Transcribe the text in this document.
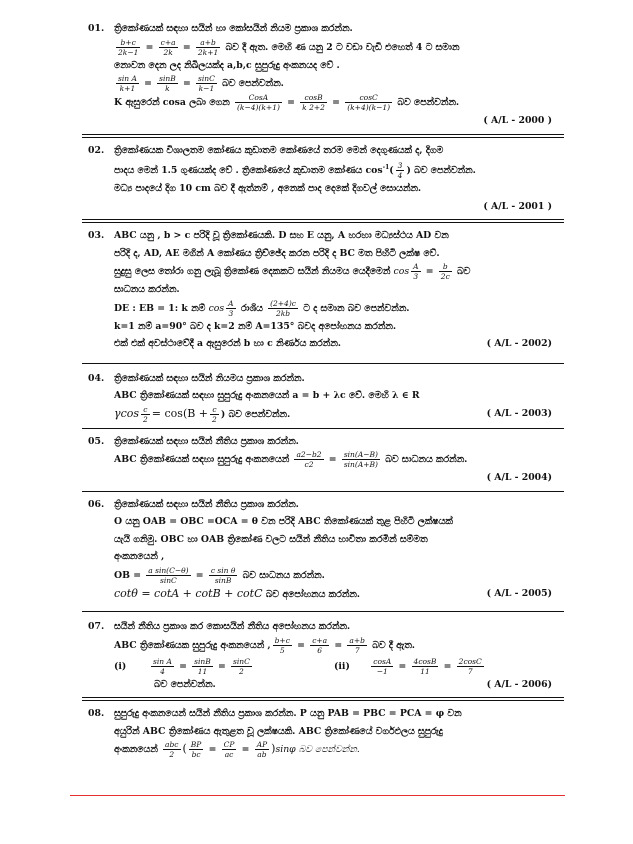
01. ත්‍රිකෝණයක් සඳහා සයින් හා කෝසයින් නියම ප්‍රකාශ කරන්න.

$\frac{b+c}{2k-1} = \frac{c+a}{2k} = \frac{a+b}{2k+1}$ බව දී ඇත. මෙහි ණ යනු 2 ට වඩා වැඩි එහෙත් 4 ට සමාන

නොවන දෙන ලද නිඛිලයක්ද a,b,c සුපුරුදු අංකනයද වේ .

$\frac{\text{sin A}}{k+1} = \frac{\sin B}{k} = \frac{\sin C}{k-1}$ බව පෙන්වන්න.

K ඇසුරෙන් cosa ලබා ගෙන $\frac{\text{CosA}}{(k-4)(k+1)} = \frac{\cos B}{k 2+2} = \frac{\cos C}{(k+4)(k-1)}$ බව පෙන්වන්න.

( A/L - 2000 )

02. ත්‍රිකෝණයක විශාලතම කෝණය කුඩාතම කෝණයේ තරම මෙන් දෙගුණයක් ද, දිගම

පාදය මෙන් 1.5 ගුණයක්ද වේ . ත්‍රිකෝණයේ කුඩාතම කෝණය $\cos^{-1}( \frac{3}{4}$ ) බව පෙන්වන්න.

මධ්‍ය පාදයේ දිග 10 cm බව දී ඇත්නම් , අනෙක් පාද දෙකේ දිගවල් සොයන්න.

( A/L - 2001 )

03. ABC යනු , b > c පරිදි වූ ත්‍රිකෝණයකි. D සහ E යනු, A හරහා මධ්‍යස්ථය AD වන

පරිදි ද, AD, AE මගින් A කෝණය ත්‍රිච්ඡේද කරන පරිදි ද BC මත පිහිටි ලක්ෂ වේ.

සුදුසු ලෙස තෝරා ගනු ලැබූ ත්‍රිකෝණ දෙකකට සයින් නියමය යෙදීමෙන් $\cos \frac{A}{3} = \frac{b}{2c}$ බව

සාධනය කරන්න.

DE : EB = 1: k නම් $\cos \frac{A}{3}$ රාශිය $\frac{(2+4)c}{2kb}$ ට ද සමාන බව පෙන්වන්න.

k=1 නම් a=90° බව ද k=2 නම් A=135° බවද අපෝහනය කරන්න.

එක් එක් අවස්ථාවේදී a ඇසුරෙන් b හා c නිර්ණය කරන්න.	( A/L - 2002)

04. ත්‍රිකෝණයක් සඳහා සයින් නියමය ප්‍රකාශ කරන්න.

ABC ත්‍රිකෝණයක් සඳහා සුපුරුදු අංකනයෙන් a = b + λc වේ. මෙහි λ ∈ R

γcos $\frac{c}{2} = \cos(B + \frac{c}{2}$ ) බව පෙන්වන්න.	( A/L - 2003)

05. ත්‍රිකෝණයක් සඳහා සයින් නීතිය ප්‍රකාශ කරන්න.

ABC ත්‍රිකෝණයක් සඳහා සුපුරුදු අංකනයෙන් $\frac{a2-b2}{c2} = \frac{\sin(A-B)}{\sin(A+B)}$ බව සාධනය කරන්න.

( A/L - 2004)

06. ත්‍රිකෝණයක් සඳහා සයින් නීතිය ප්‍රකාශ කරන්න.

O යනු OAB = OBC =OCA = θ වන පරිදි ABC තිකෝණයක් තුළ පිහිටි ලක්ෂයක්

යැයි ගනිමු. OBC හා OAB ත්‍රිකෝණ වලට සයින් නීතිය භාවිතා කරමින් සම්මත

අංකනයෙන් ,

OB = $\frac{\text{a sin(C−θ)}}{\sin C} = \frac{\text{c sin θ}}{\sin B}$ බව සාධනය කරන්න.

cotθ = cotA + cotB + cotC බව අපෝහනය කරන්න.	( A/L - 2005)

07. සයින් නීතිය ප්‍රකාශ කර කොසයින් නීතිය අපෝහනය කරන්න.

ABC ත්‍රිකෝණයක සුපුරුදු අංකනයෙන් , $\frac{b+c}{5} = \frac{c+a}{6} = \frac{a+b}{7}$ බව දී ඇත.

(i)	$\frac{\text{sin A}}{4} = \frac{\sin B}{11} = \frac{\sin C}{2}$	(ii)	$\frac{\cos A}{-1} = \frac{4\cos B}{11} = \frac{2\cos C}{7}$

බව පෙන්වන්න.	( A/L - 2006)

08. සුපුරුදු අංකනයෙන් සයින් නීතිය ප්‍රකාශ කරන්න. P යනු PAB = PBC = PCA = φ වන

අයුරින් ABC ත්‍රිකෝණය ඇතුළත වූ ලක්ෂයකි. ABC ත්‍රිකෝණයේ වර්ගඵලය සුපුරුදු

අංකනයෙන් $\frac{\text{abc}}{2}$ ( $\frac{BP}{bc} = \frac{CP}{ac} = \frac{AP}{ab} )\sin\varphi$ බව පෙන්වන්න.
